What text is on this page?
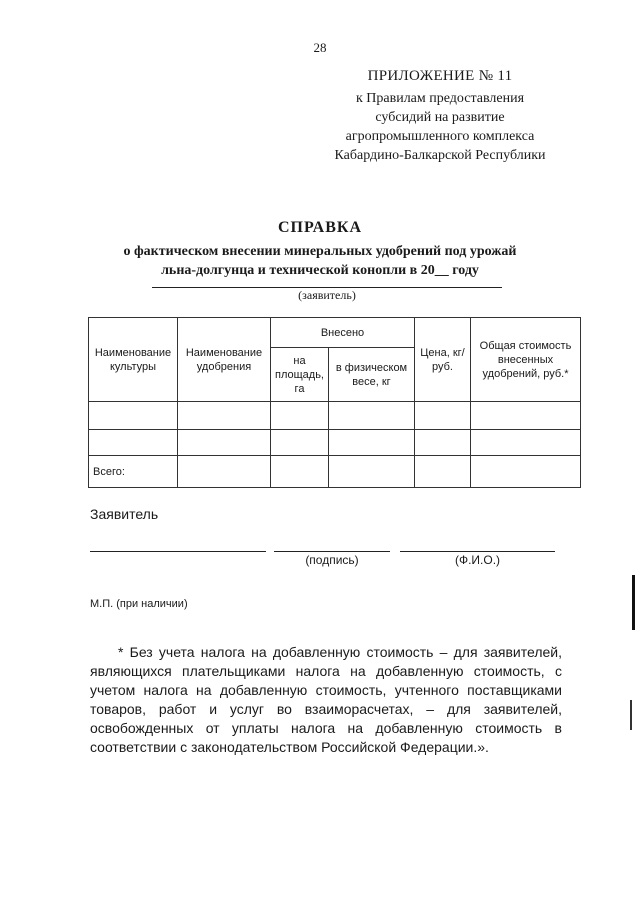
28
ПРИЛОЖЕНИЕ № 11
к Правилам предоставления
субсидий на развитие
агропромышленного комплекса
Кабардино-Балкарской Республики
СПРАВКА
о фактическом внесении минеральных удобрений под урожай
льна-долгунца и технической конопли в 20__ году
(заявитель)
Наименование культуры	Наименование удобрения	Внесено		Цена, кг/руб.	Общая стоимость внесенных удобрений, руб.*
		на площадь, га	в физическом весе, кг		

Всего:					
Заявитель
(подпись)	(Ф.И.О.)
М.П. (при наличии)

* Без учета налога на добавленную стоимость – для заявителей, являющихся плательщиками налога на добавленную стоимость, с учетом налога на добавленную стоимость, учтенного поставщиками товаров, работ и услуг во взаиморасчетах, – для заявителей, освобожденных от уплаты налога на добавленную стоимость в соответствии с законодательством Российской Федерации.».
